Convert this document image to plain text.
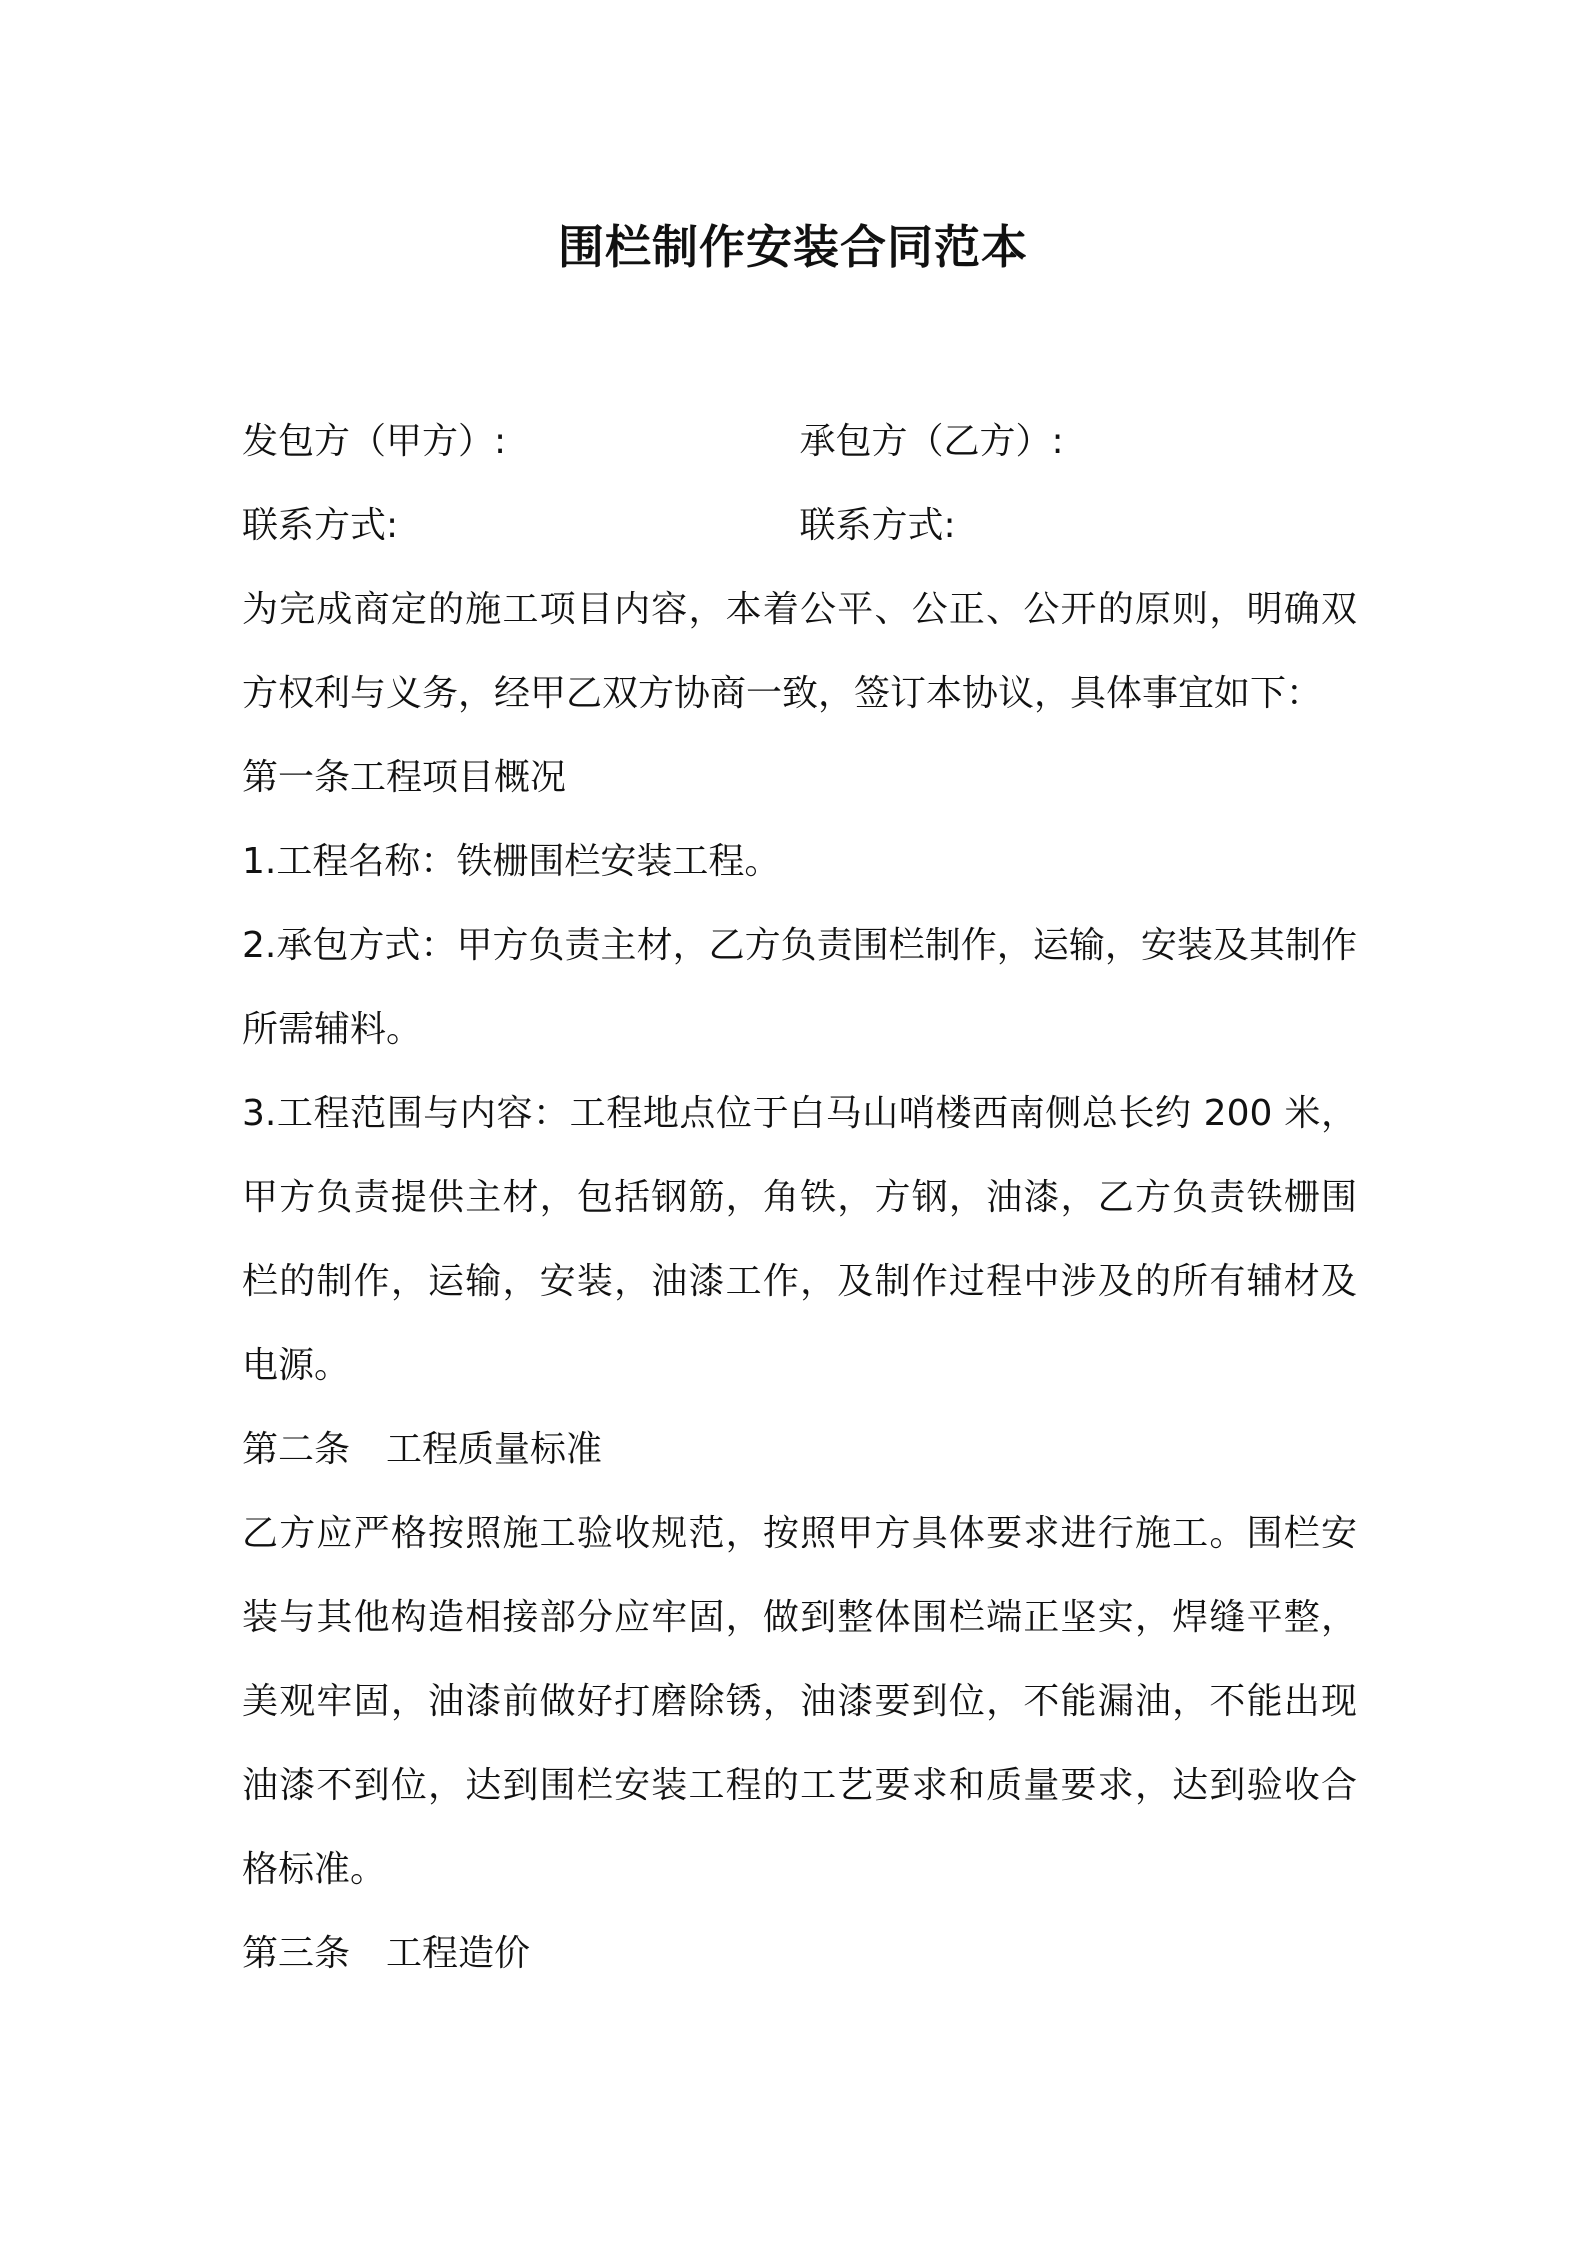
围栏制作安装合同范本
发包方（甲方）:	承包方（乙方）:
联系方式:	联系方式:

为完成商定的施工项目内容，本着公平、公正、公开的原则，明确双方权利与义务，经甲乙双方协商一致，签订本协议，具体事宜如下：

第一条工程项目概况

1.工程名称：铁栅围栏安装工程。

2.承包方式：甲方负责主材，乙方负责围栏制作，运输，安装及其制作所需辅料。

3.工程范围与内容：工程地点位于白马山哨楼西南侧总长约 200 米，甲方负责提供主材，包括钢筋，角铁，方钢，油漆，乙方负责铁栅围栏的制作，运输，安装，油漆工作，及制作过程中涉及的所有辅材及电源。

第二条　工程质量标准

乙方应严格按照施工验收规范，按照甲方具体要求进行施工。围栏安装与其他构造相接部分应牢固，做到整体围栏端正坚实，焊缝平整，美观牢固，油漆前做好打磨除锈，油漆要到位，不能漏油，不能出现油漆不到位，达到围栏安装工程的工艺要求和质量要求，达到验收合格标准。

第三条　工程造价
